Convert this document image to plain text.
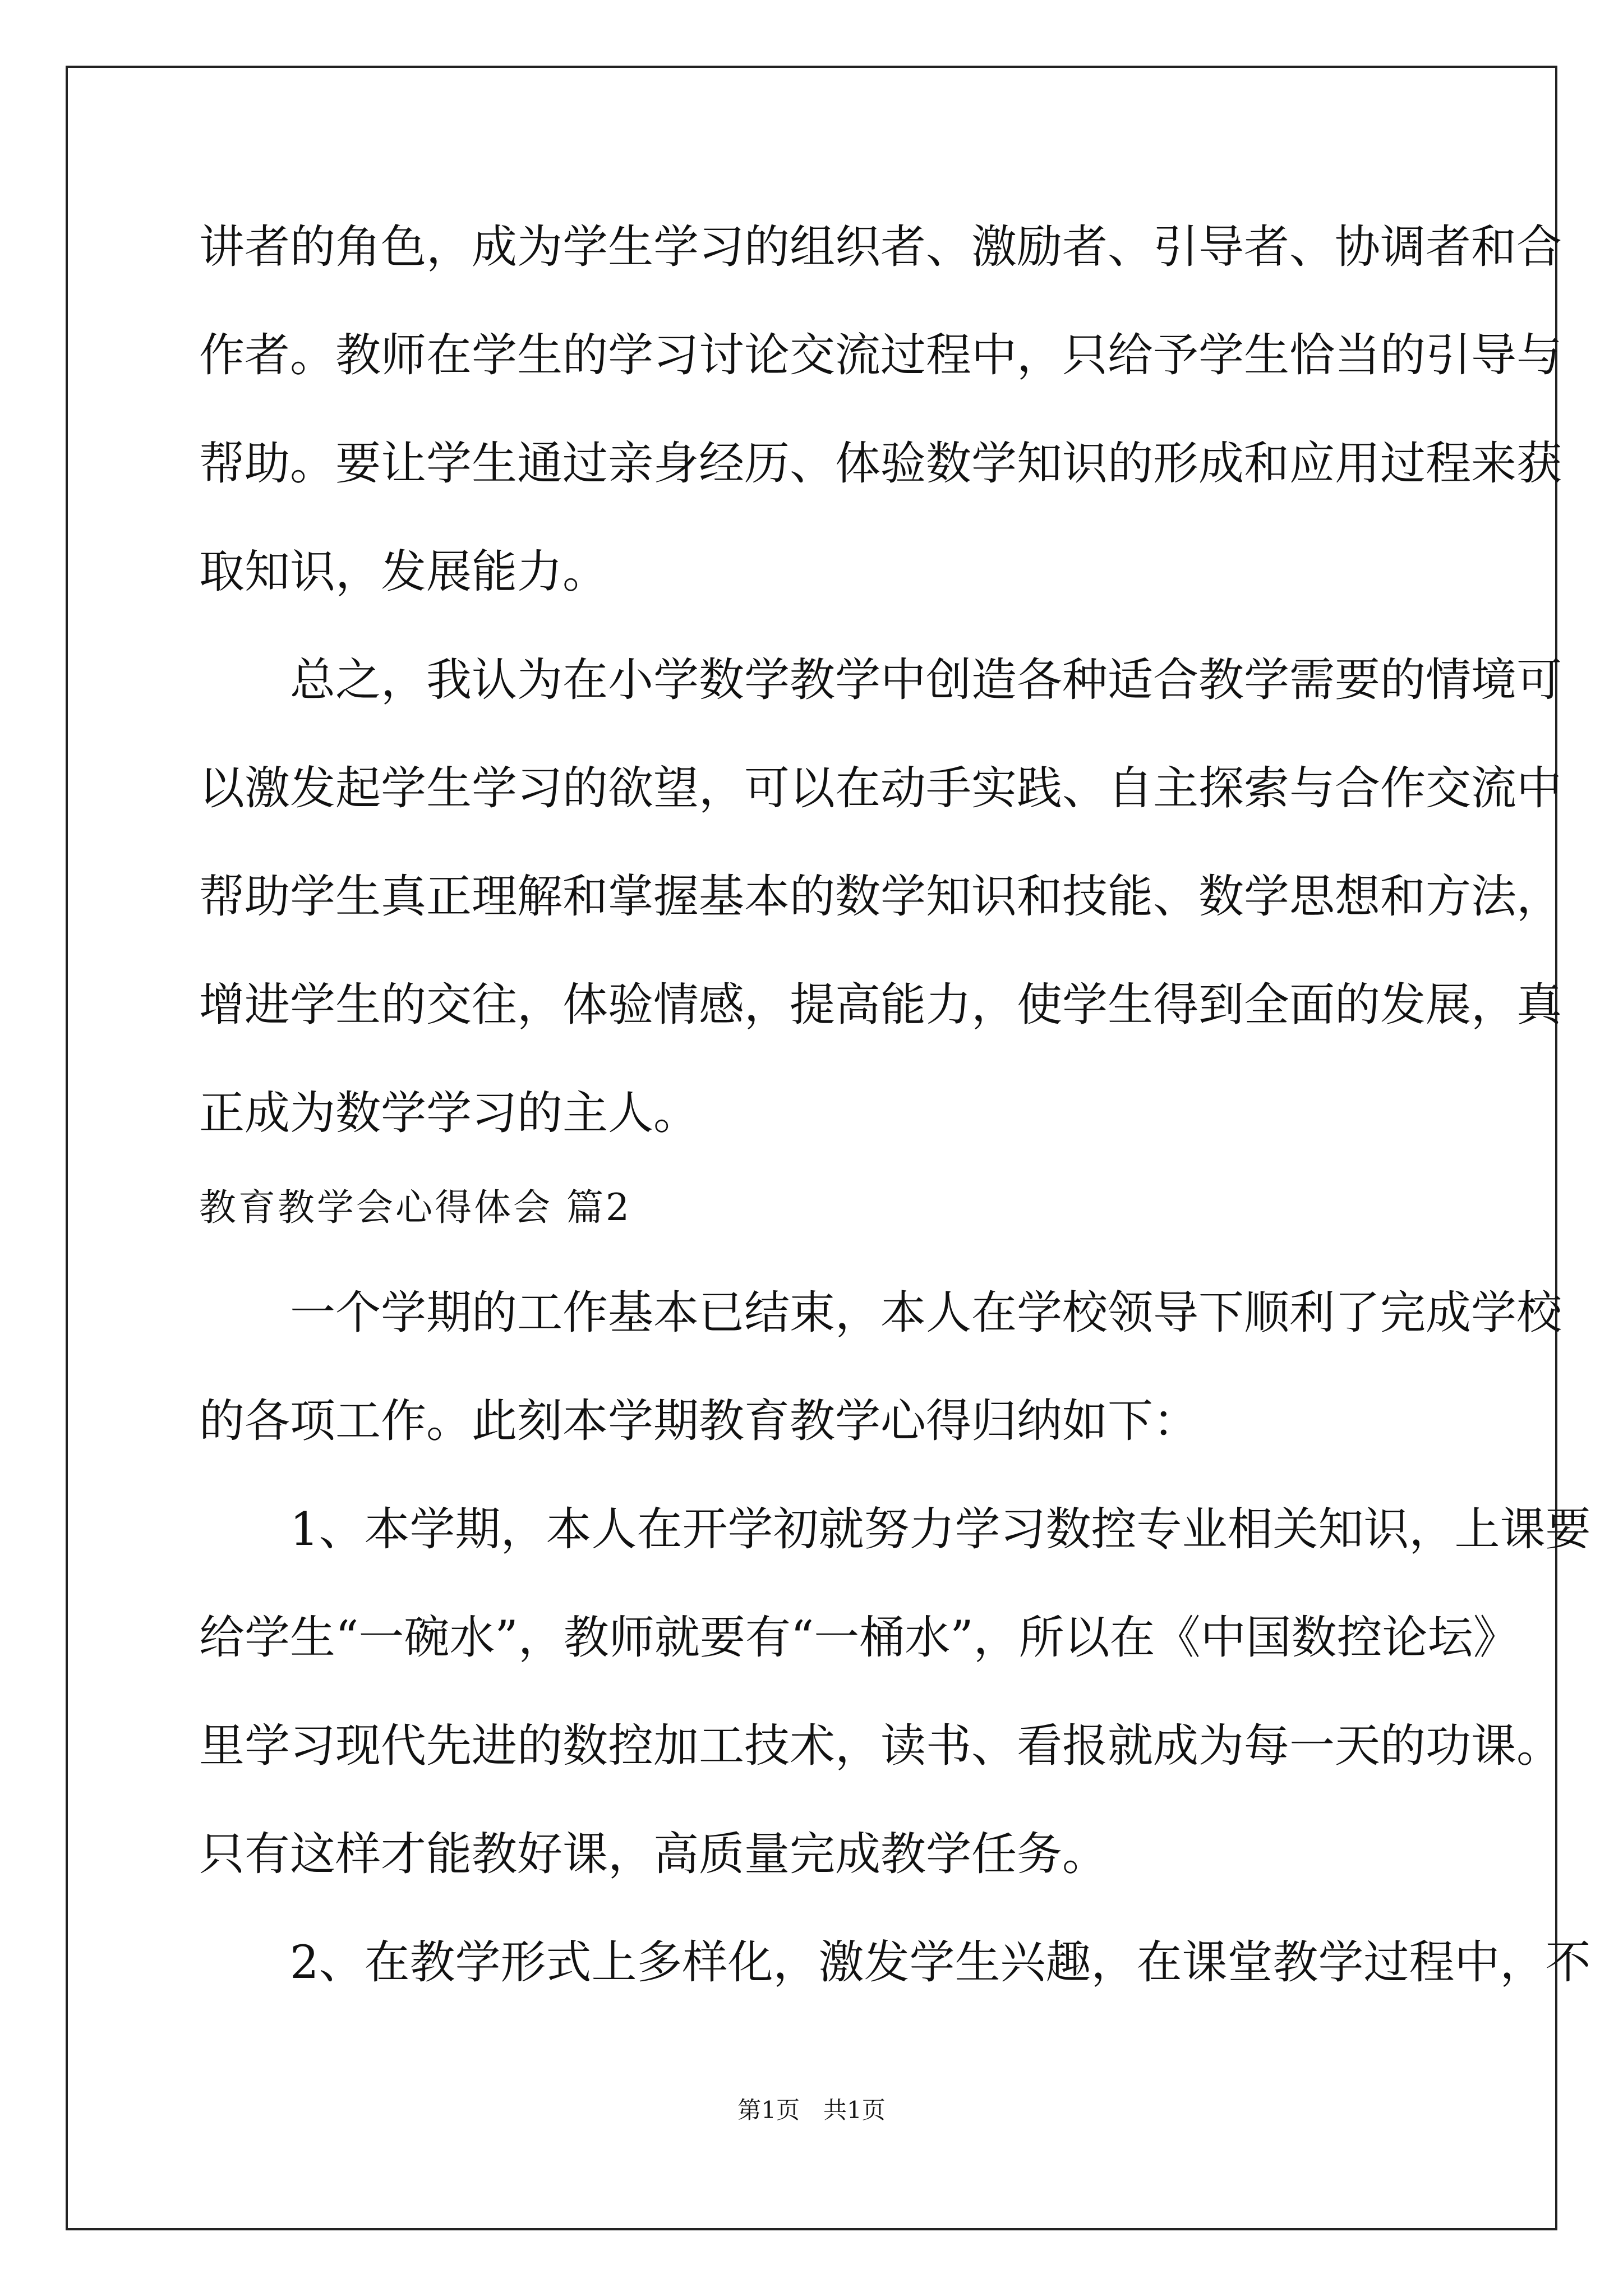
讲者的角色，成为学生学习的组织者、激励者、引导者、协调者和合
作者。教师在学生的学习讨论交流过程中，只给予学生恰当的引导与
帮助。要让学生通过亲身经历、体验数学知识的形成和应用过程来获
取知识，发展能力。
总之，我认为在小学数学教学中创造各种适合教学需要的情境可
以激发起学生学习的欲望，可以在动手实践、自主探索与合作交流中
帮助学生真正理解和掌握基本的数学知识和技能、数学思想和方法，
增进学生的交往，体验情感，提高能力，使学生得到全面的发展，真
正成为数学学习的主人。
教育教学会心得体会 篇2
一个学期的工作基本已结束，本人在学校领导下顺利了完成学校
的各项工作。此刻本学期教育教学心得归纳如下：
1、本学期，本人在开学初就努力学习数控专业相关知识，上课要
给学生“一碗水”，教师就要有“一桶水”，所以在《中国数控论坛》
里学习现代先进的数控加工技术，读书、看报就成为每一天的功课。
只有这样才能教好课，高质量完成教学任务。
2、在教学形式上多样化，激发学生兴趣，在课堂教学过程中，不
第1页　共1页
